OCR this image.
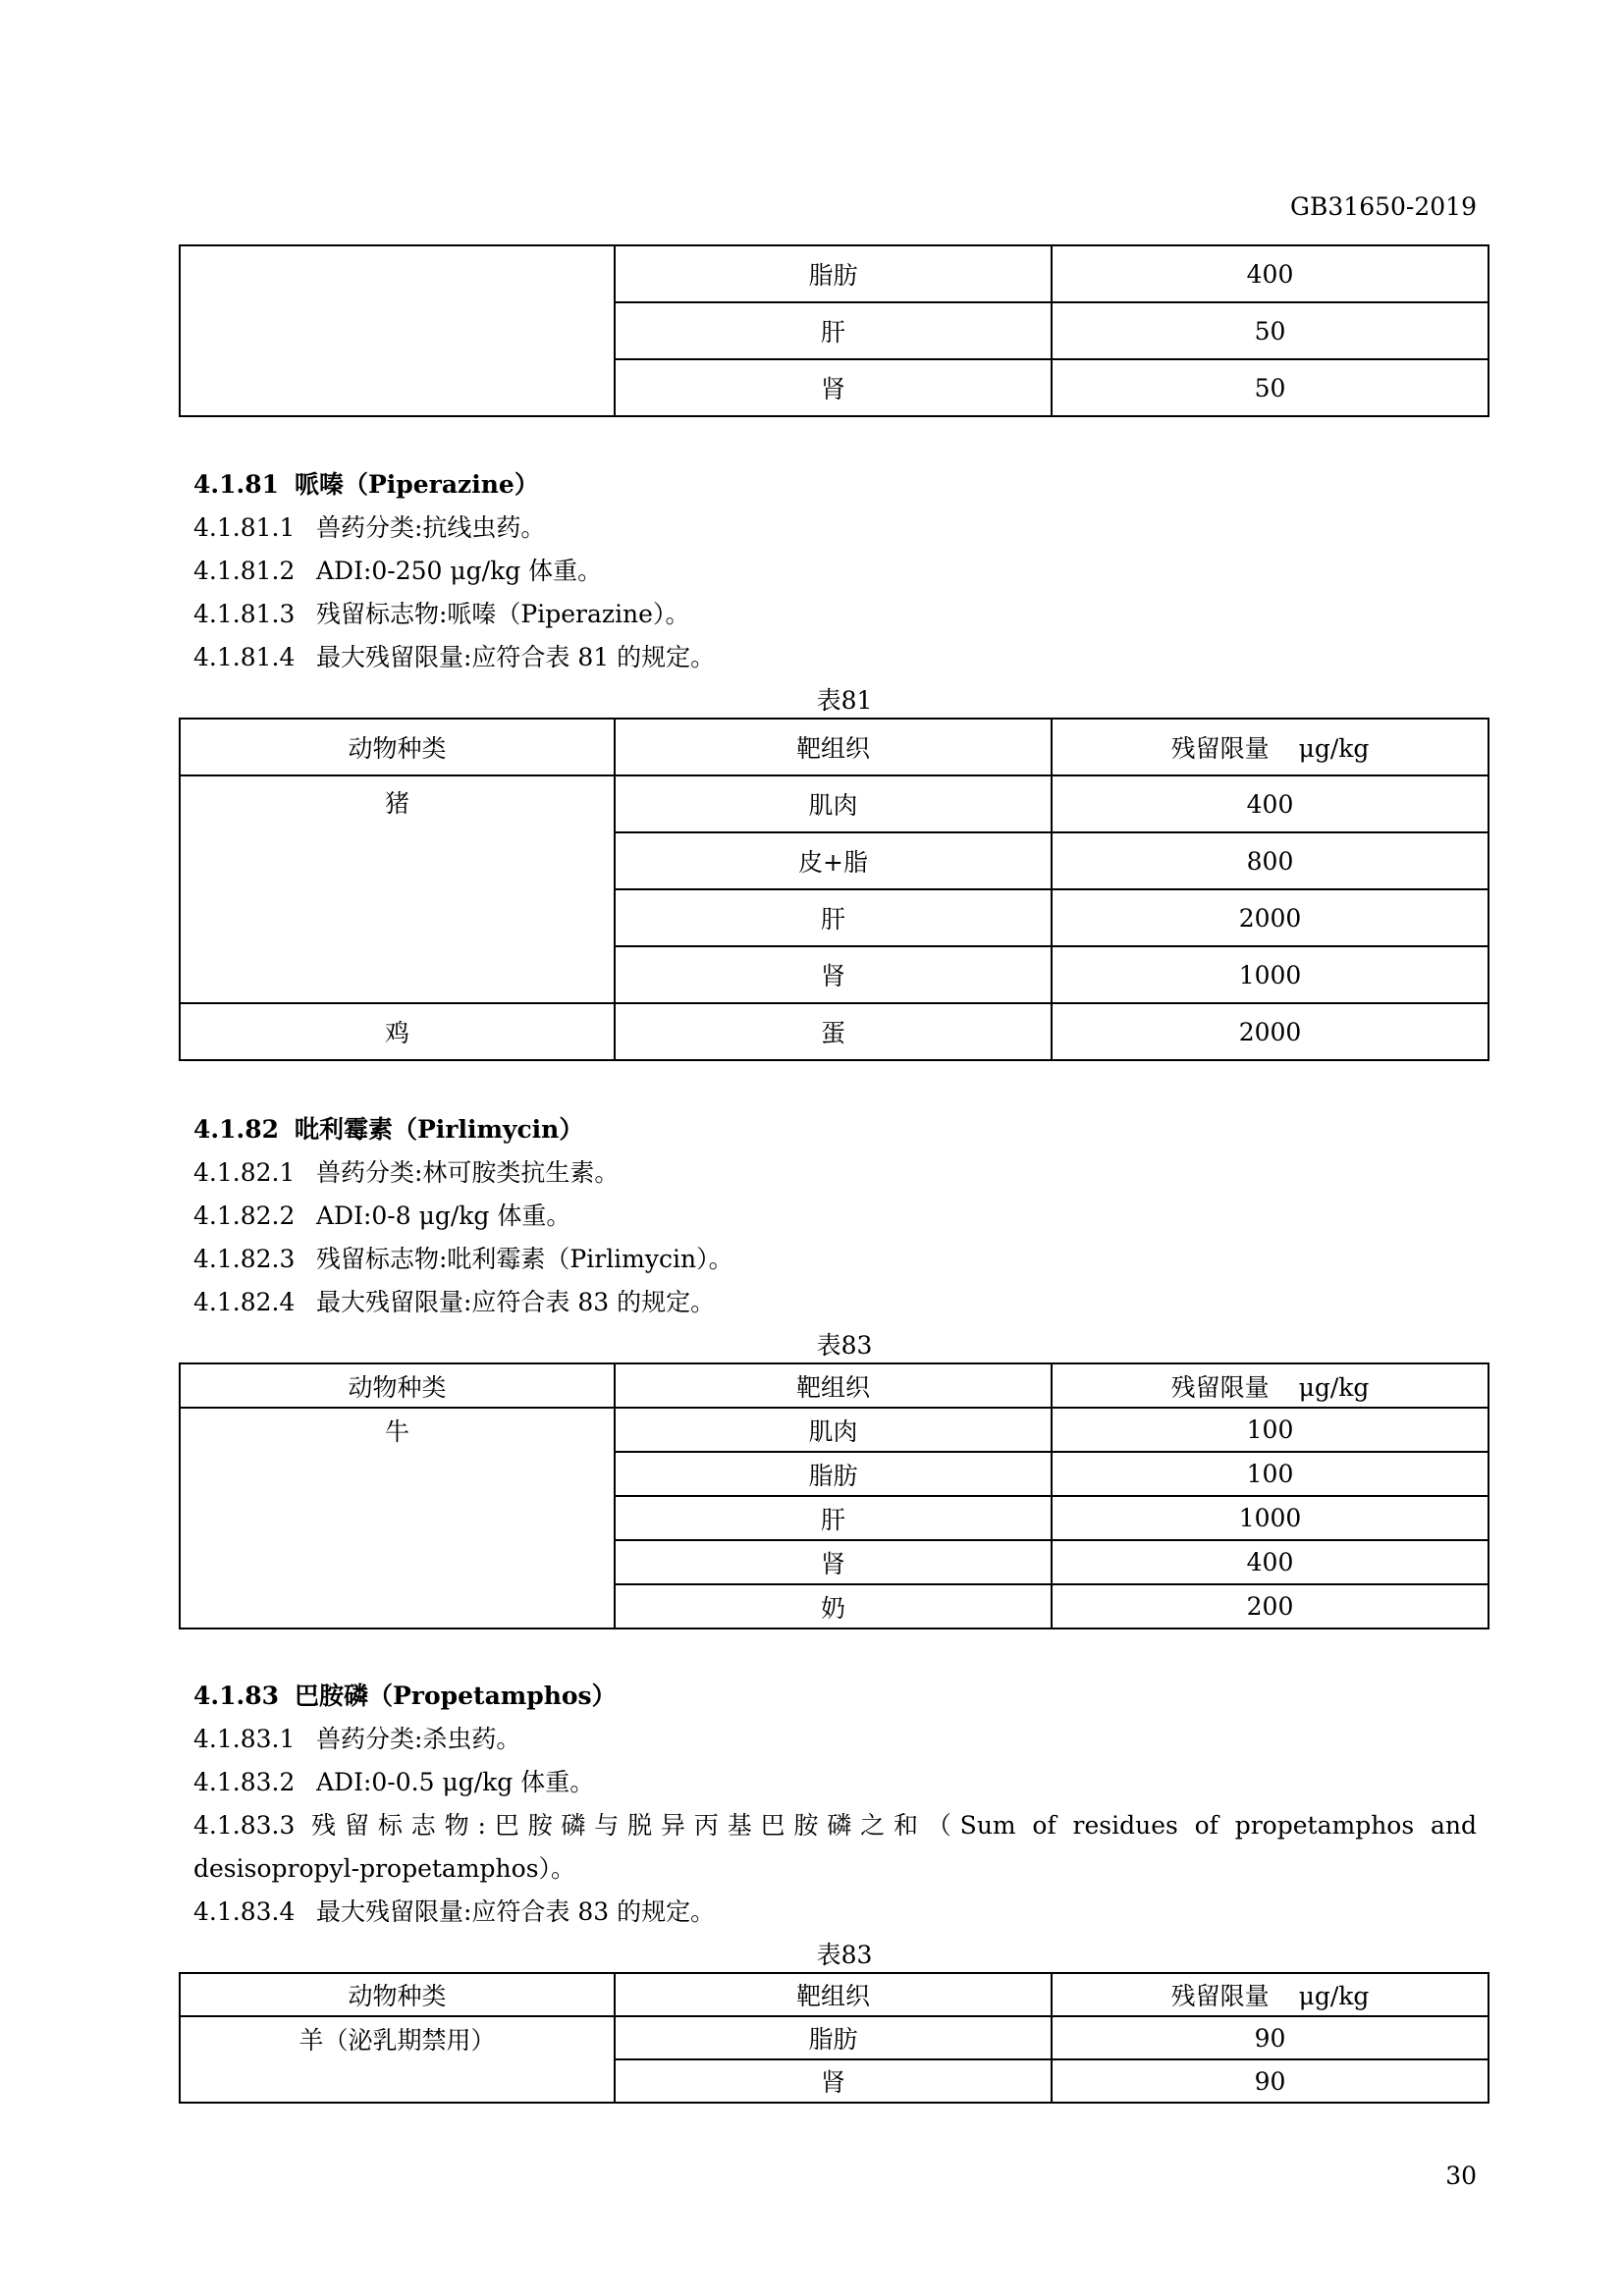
GB31650-2019
	脂肪	400
	肝	50
	肾	50
4.1.81 哌嗪（Piperazine）
4.1.81.1 兽药分类:抗线虫药。
4.1.81.2 ADI:0-250 μg/kg 体重。
4.1.81.3 残留标志物:哌嗪（Piperazine）。
4.1.81.4 最大残留限量:应符合表 81 的规定。
表81
动物种类	靶组织	残留限量 μg/kg
猪	肌肉	400
	皮+脂	800
	肝	2000
	肾	1000
鸡	蛋	2000
4.1.82 吡利霉素（Pirlimycin）
4.1.82.1 兽药分类:林可胺类抗生素。
4.1.82.2 ADI:0-8 μg/kg 体重。
4.1.82.3 残留标志物:吡利霉素（Pirlimycin）。
4.1.82.4 最大残留限量:应符合表 83 的规定。
表83
动物种类	靶组织	残留限量 μg/kg
牛	肌肉	100
	脂肪	100
	肝	1000
	肾	400
	奶	200
4.1.83 巴胺磷（Propetamphos）
4.1.83.1 兽药分类:杀虫药。
4.1.83.2 ADI:0-0.5 μg/kg 体重。
4.1.83.3 残留标志物:巴胺磷与脱异丙基巴胺磷之和（Sum of residues of propetamphos and
desisopropyl-propetamphos）。
4.1.83.4 最大残留限量:应符合表 83 的规定。
表83
动物种类	靶组织	残留限量 μg/kg
羊（泌乳期禁用）	脂肪	90
	肾	90
30
